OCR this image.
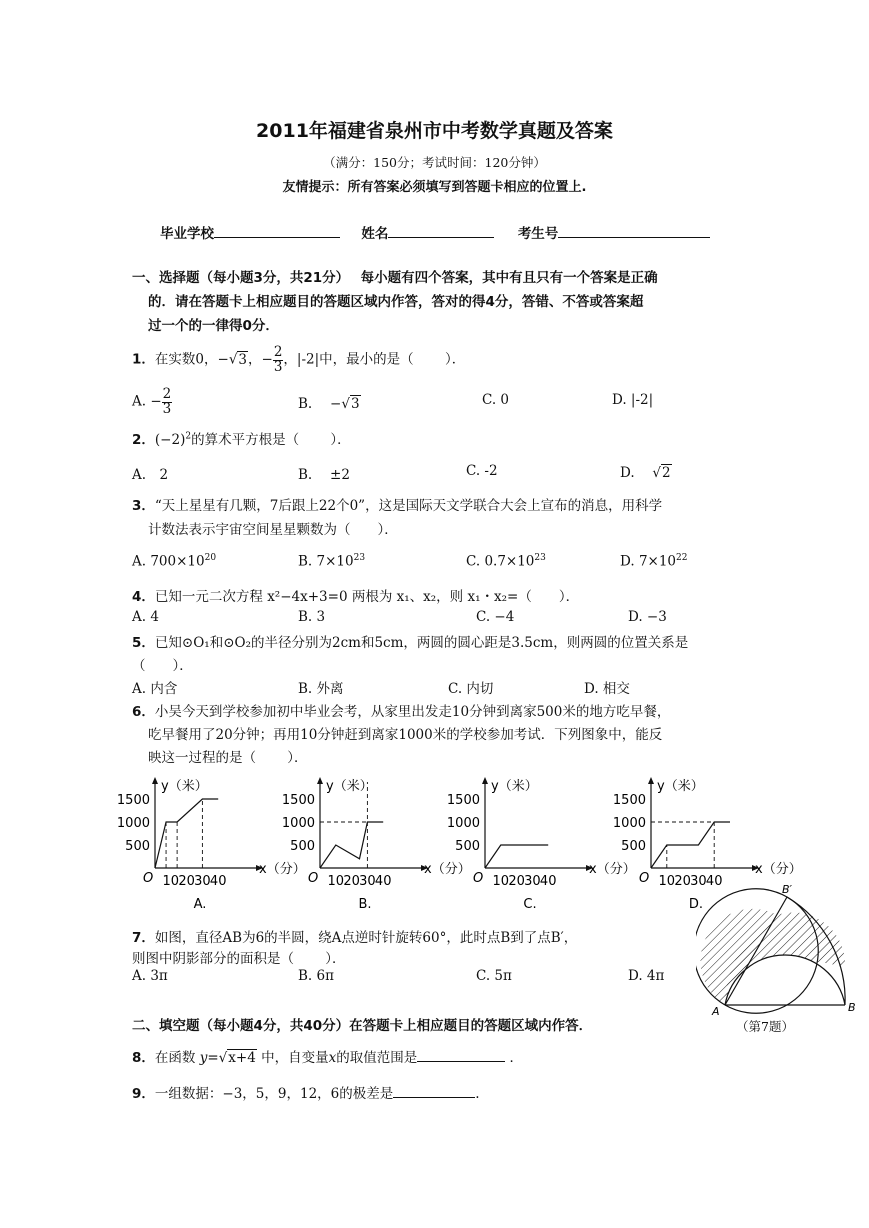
2011年福建省泉州市中考数学真题及答案
（满分：150分；考试时间：120分钟）
友情提示：所有答案必须填写到答题卡相应的位置上.
毕业学校	姓名	考生号
一、选择题（每小题3分，共21分）　 每小题有四个答案，其中有且只有一个答案是正确
的．请在答题卡上相应题目的答题区域内作答，答对的得4分，答错、不答或答案超
过一个的一律得0分．
1．在实数0，−√3，− $\frac{2}{3}$ ，|-2|中，最小的是（　　 ）．
A. − $\frac{2}{3}$	B.　 −√3	C. 0	D. |-2|
2．$(-2)^2$的算术平方根是（　　 ）．
A.　2	B.　 ±2	C. -2	D.　 √2
3．“天上星星有几颗，7后跟上22个0”，这是国际天文学联合大会上宣布的消息，用科学
计数法表示宇宙空间星星颗数为（　　）．
A. $700\times 10^{20}$	B. $7\times 10^{23}$	C. $0.7\times 10^{23}$	D. $7\times 10^{22}$
4．已知一元二次方程 x²−4x+3=0 两根为 x₁、x₂，则 x₁・x₂=（　　）．
A. 4	B. 3	C. −4	D. −3
5．已知⊙O₁和⊙O₂的半径分别为2cm和5cm，两圆的圆心距是3.5cm，则两圆的位置关系是
（　　）．
A. 内含	B. 外离	C. 内切	D. 相交
6．小吴今天到学校参加初中毕业会考，从家里出发走10分钟到离家500米的地方吃早餐，
吃早餐用了20分钟；再用10分钟赶到离家1000米的学校参加考试．下列图象中，能反
映这一过程的是（　　 ）．
y（米）
x（分）
O
1500
1000
500
10 20 30 40
A.
y（米）
x（分）
O
1500
1000
500
10 20 30 40
B.
y（米）
x（分）
O
1500
1000
500
10 20 30 40
C.
y（米）
x（分）
O
1500
1000
500
10 20 30 40
D.
7．如图，直径AB为6的半圆，绕A点逆时针旋转60°，此时点B到了点B′，
则图中阴影部分的面积是（　　 ）．
A. 3π	B. 6π	C. 5π	D. 4π
A	B
B′
（第7题）
二、填空题（每小题4分，共40分）在答题卡上相应题目的答题区域内作答．
8．在函数 y=√x+4 中，自变量x的取值范围是	．
9．一组数据：−3，5，9，12，6的极差是	.
